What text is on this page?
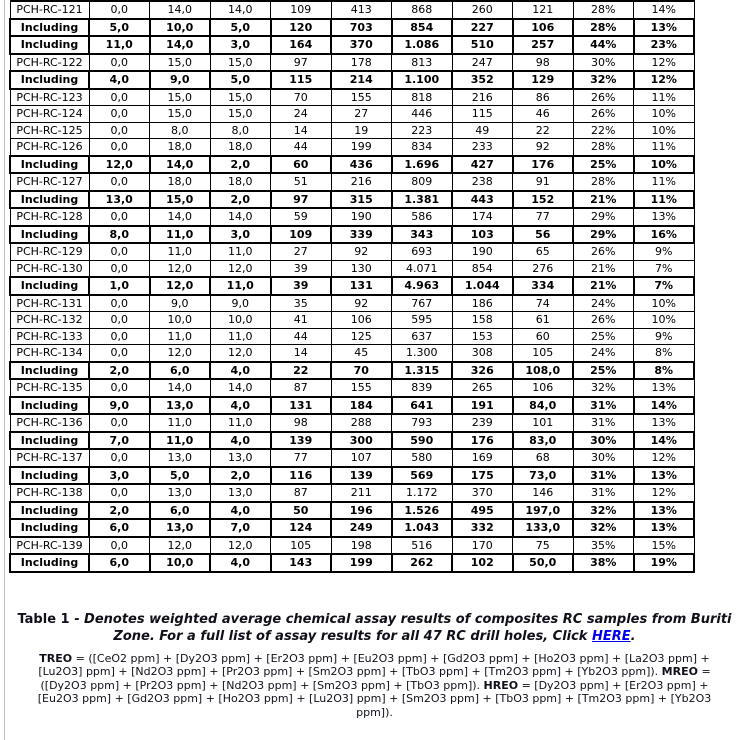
PCH-RC-121	0,0	14,0	14,0	109	413	868	260	121	28%	14%
Including	5,0	10,0	5,0	120	703	854	227	106	28%	13%
Including	11,0	14,0	3,0	164	370	1.086	510	257	44%	23%
PCH-RC-122	0,0	15,0	15,0	97	178	813	247	98	30%	12%
Including	4,0	9,0	5,0	115	214	1.100	352	129	32%	12%
PCH-RC-123	0,0	15,0	15,0	70	155	818	216	86	26%	11%
PCH-RC-124	0,0	15,0	15,0	24	27	446	115	46	26%	10%
PCH-RC-125	0,0	8,0	8,0	14	19	223	49	22	22%	10%
PCH-RC-126	0,0	18,0	18,0	44	199	834	233	92	28%	11%
Including	12,0	14,0	2,0	60	436	1.696	427	176	25%	10%
PCH-RC-127	0,0	18,0	18,0	51	216	809	238	91	28%	11%
Including	13,0	15,0	2,0	97	315	1.381	443	152	21%	11%
PCH-RC-128	0,0	14,0	14,0	59	190	586	174	77	29%	13%
Including	8,0	11,0	3,0	109	339	343	103	56	29%	16%
PCH-RC-129	0,0	11,0	11,0	27	92	693	190	65	26%	9%
PCH-RC-130	0,0	12,0	12,0	39	130	4.071	854	276	21%	7%
Including	1,0	12,0	11,0	39	131	4.963	1.044	334	21%	7%
PCH-RC-131	0,0	9,0	9,0	35	92	767	186	74	24%	10%
PCH-RC-132	0,0	10,0	10,0	41	106	595	158	61	26%	10%
PCH-RC-133	0,0	11,0	11,0	44	125	637	153	60	25%	9%
PCH-RC-134	0,0	12,0	12,0	14	45	1.300	308	105	24%	8%
Including	2,0	6,0	4,0	22	70	1.315	326	108,0	25%	8%
PCH-RC-135	0,0	14,0	14,0	87	155	839	265	106	32%	13%
Including	9,0	13,0	4,0	131	184	641	191	84,0	31%	14%
PCH-RC-136	0,0	11,0	11,0	98	288	793	239	101	31%	13%
Including	7,0	11,0	4,0	139	300	590	176	83,0	30%	14%
PCH-RC-137	0,0	13,0	13,0	77	107	580	169	68	30%	12%
Including	3,0	5,0	2,0	116	139	569	175	73,0	31%	13%
PCH-RC-138	0,0	13,0	13,0	87	211	1.172	370	146	31%	12%
Including	2,0	6,0	4,0	50	196	1.526	495	197,0	32%	13%
Including	6,0	13,0	7,0	124	249	1.043	332	133,0	32%	13%
PCH-RC-139	0,0	12,0	12,0	105	198	516	170	75	35%	15%
Including	6,0	10,0	4,0	143	199	262	102	50,0	38%	19%

Table 1 - Denotes weighted average chemical assay results of composites RC samples from Buriti Zone. For a full list of assay results for all 47 RC drill holes, Click HERE.

TREO = ([CeO2 ppm] + [Dy2O3 ppm] + [Er2O3 ppm] + [Eu2O3 ppm] + [Gd2O3 ppm] + [Ho2O3 ppm] + [La2O3 ppm] + [Lu2O3] ppm] + [Nd2O3 ppm] + [Pr2O3 ppm] + [Sm2O3 ppm] + [TbO3 ppm] + [Tm2O3 ppm] + [Yb2O3 ppm]). MREO = ([Dy2O3 ppm] + [Pr2O3 ppm] + [Nd2O3 ppm] + [Sm2O3 ppm] + [TbO3 ppm]). HREO = [Dy2O3 ppm] + [Er2O3 ppm] + [Eu2O3 ppm] + [Gd2O3 ppm] + [Ho2O3 ppm] + [Lu2O3] ppm] + [Sm2O3 ppm] + [TbO3 ppm] + [Tm2O3 ppm] + [Yb2O3 ppm]).
